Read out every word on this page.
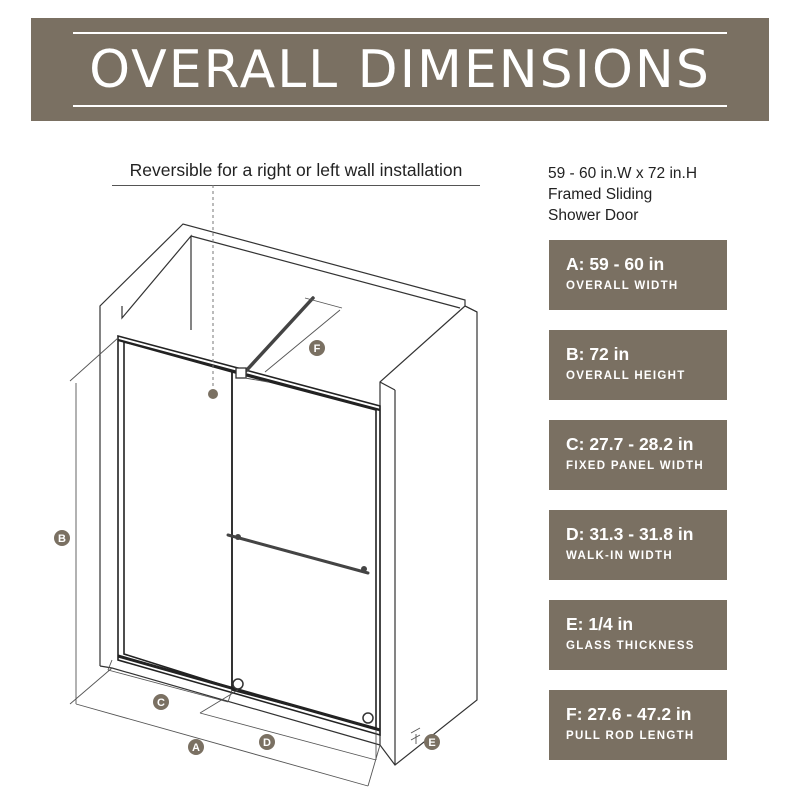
OVERALL DIMENSIONS
Reversible for a right or left wall installation	59 - 60 in.W x 72 in.H
Framed Sliding
Shower Door
A: 59 - 60 in
OVERALL WIDTH
B: 72 in
OVERALL HEIGHT
C: 27.7 - 28.2 in
FIXED PANEL WIDTH
D: 31.3 - 31.8 in
WALK-IN WIDTH
E: 1/4 in
GLASS THICKNESS
F: 27.6 - 47.2 in
PULL ROD LENGTH
A
B
C
D	E
F
